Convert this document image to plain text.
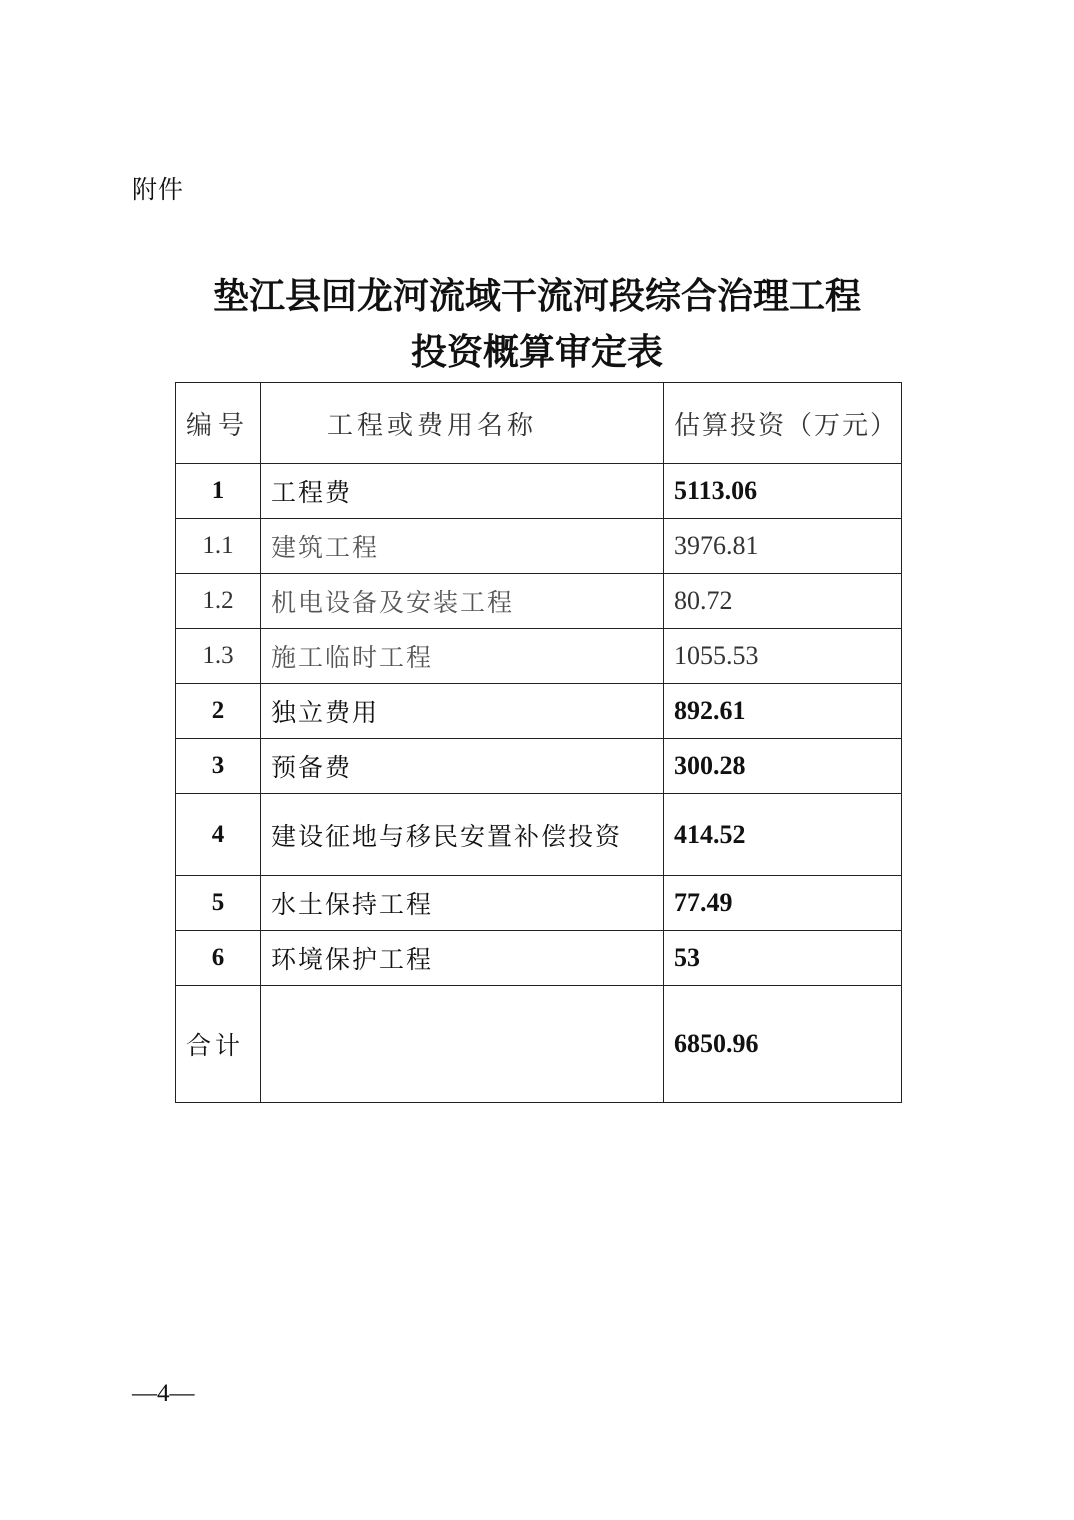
附件
垫江县回龙河流域干流河段综合治理工程
投资概算审定表
编号	工程或费用名称	估算投资（万元）
1	工程费	5113.06
1.1	建筑工程	3976.81
1.2	机电设备及安装工程	80.72
1.3	施工临时工程	1055.53
2	独立费用	892.61
3	预备费	300.28
4	建设征地与移民安置补偿投资	414.52
5	水土保持工程	77.49
6	环境保护工程	53
合计		6850.96
—4—
